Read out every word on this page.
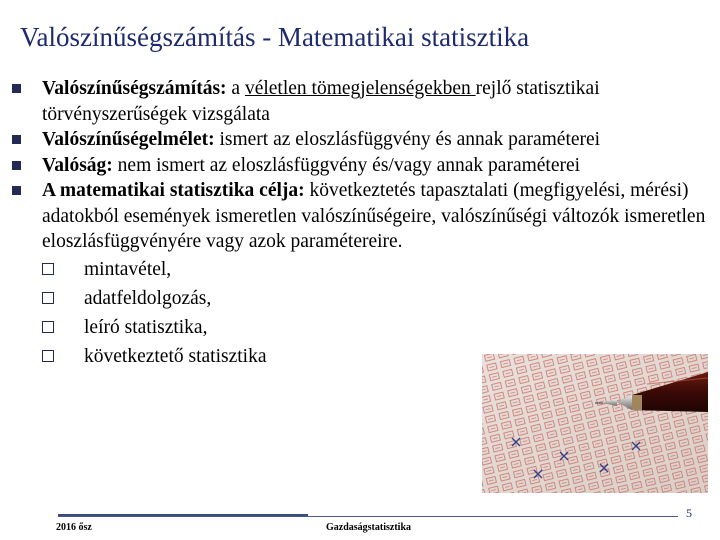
Valószínűségszámítás - Matematikai statisztika
Valószínűségszámítás: a véletlen tömegjelenségekben rejlő statisztikai törvényszerűségek vizsgálata
Valószínűségelmélet: ismert az eloszlásfüggvény és annak paraméterei
Valóság: nem ismert az eloszlásfüggvény és/vagy annak paraméterei
A matematikai statisztika célja: következtetés tapasztalati (megfigyelési, mérési) adatokból események ismeretlen valószínűségeire, valószínűségi változók ismeretlen eloszlásfüggvényére vagy azok paramétereire.
mintavétel,
adatfeldolgozás,
leíró statisztika,
következtető statisztika
2016 ősz	Gazdaságstatisztika
5
